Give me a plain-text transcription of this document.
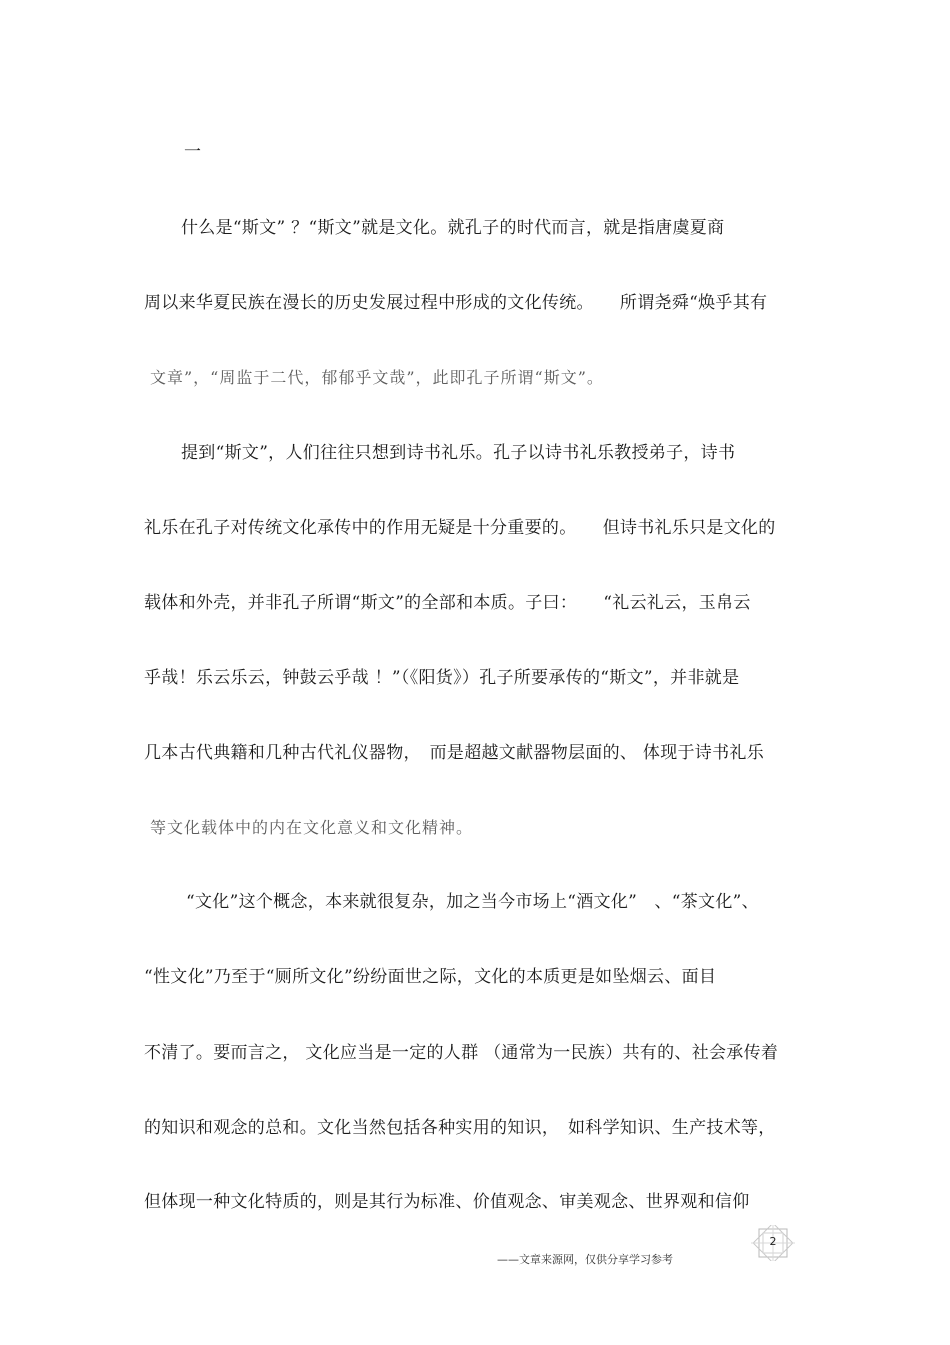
一
什么是“斯文” ？“斯文”就是文化。就孔子的时代而言，就是指唐虞夏商
周以来华夏民族在漫长的历史发展过程中形成的文化传统。　　所谓尧舜“焕乎其有
文章”，“周监于二代，郁郁乎文哉”，此即孔子所谓“斯文”。
提到“斯文”，人们往往只想到诗书礼乐。孔子以诗书礼乐教授弟子，诗书
礼乐在孔子对传统文化承传中的作用无疑是十分重要的。　　但诗书礼乐只是文化的
载体和外壳，并非孔子所谓“斯文”的全部和本质。子曰：　　“礼云礼云，玉帛云
乎哉！乐云乐云，钟鼓云乎哉 ！”（《阳货》）孔子所要承传的“斯文”，并非就是
几本古代典籍和几种古代礼仪器物，　而是超越文献器物层面的、 体现于诗书礼乐
等文化载体中的内在文化意义和文化精神。
“文化”这个概念，本来就很复杂，加之当今市场上“酒文化”　、“茶文化”、
“性文化”乃至于“厕所文化”纷纷面世之际，文化的本质更是如坠烟云、面目
不清了。要而言之， 文化应当是一定的人群 （通常为一民族）共有的、社会承传着
的知识和观念的总和。文化当然包括各种实用的知识，　如科学知识、生产技术等，
但体现一种文化特质的，则是其行为标准、价值观念、审美观念、世界观和信仰
——文章来源网，仅供分享学习参考
2
